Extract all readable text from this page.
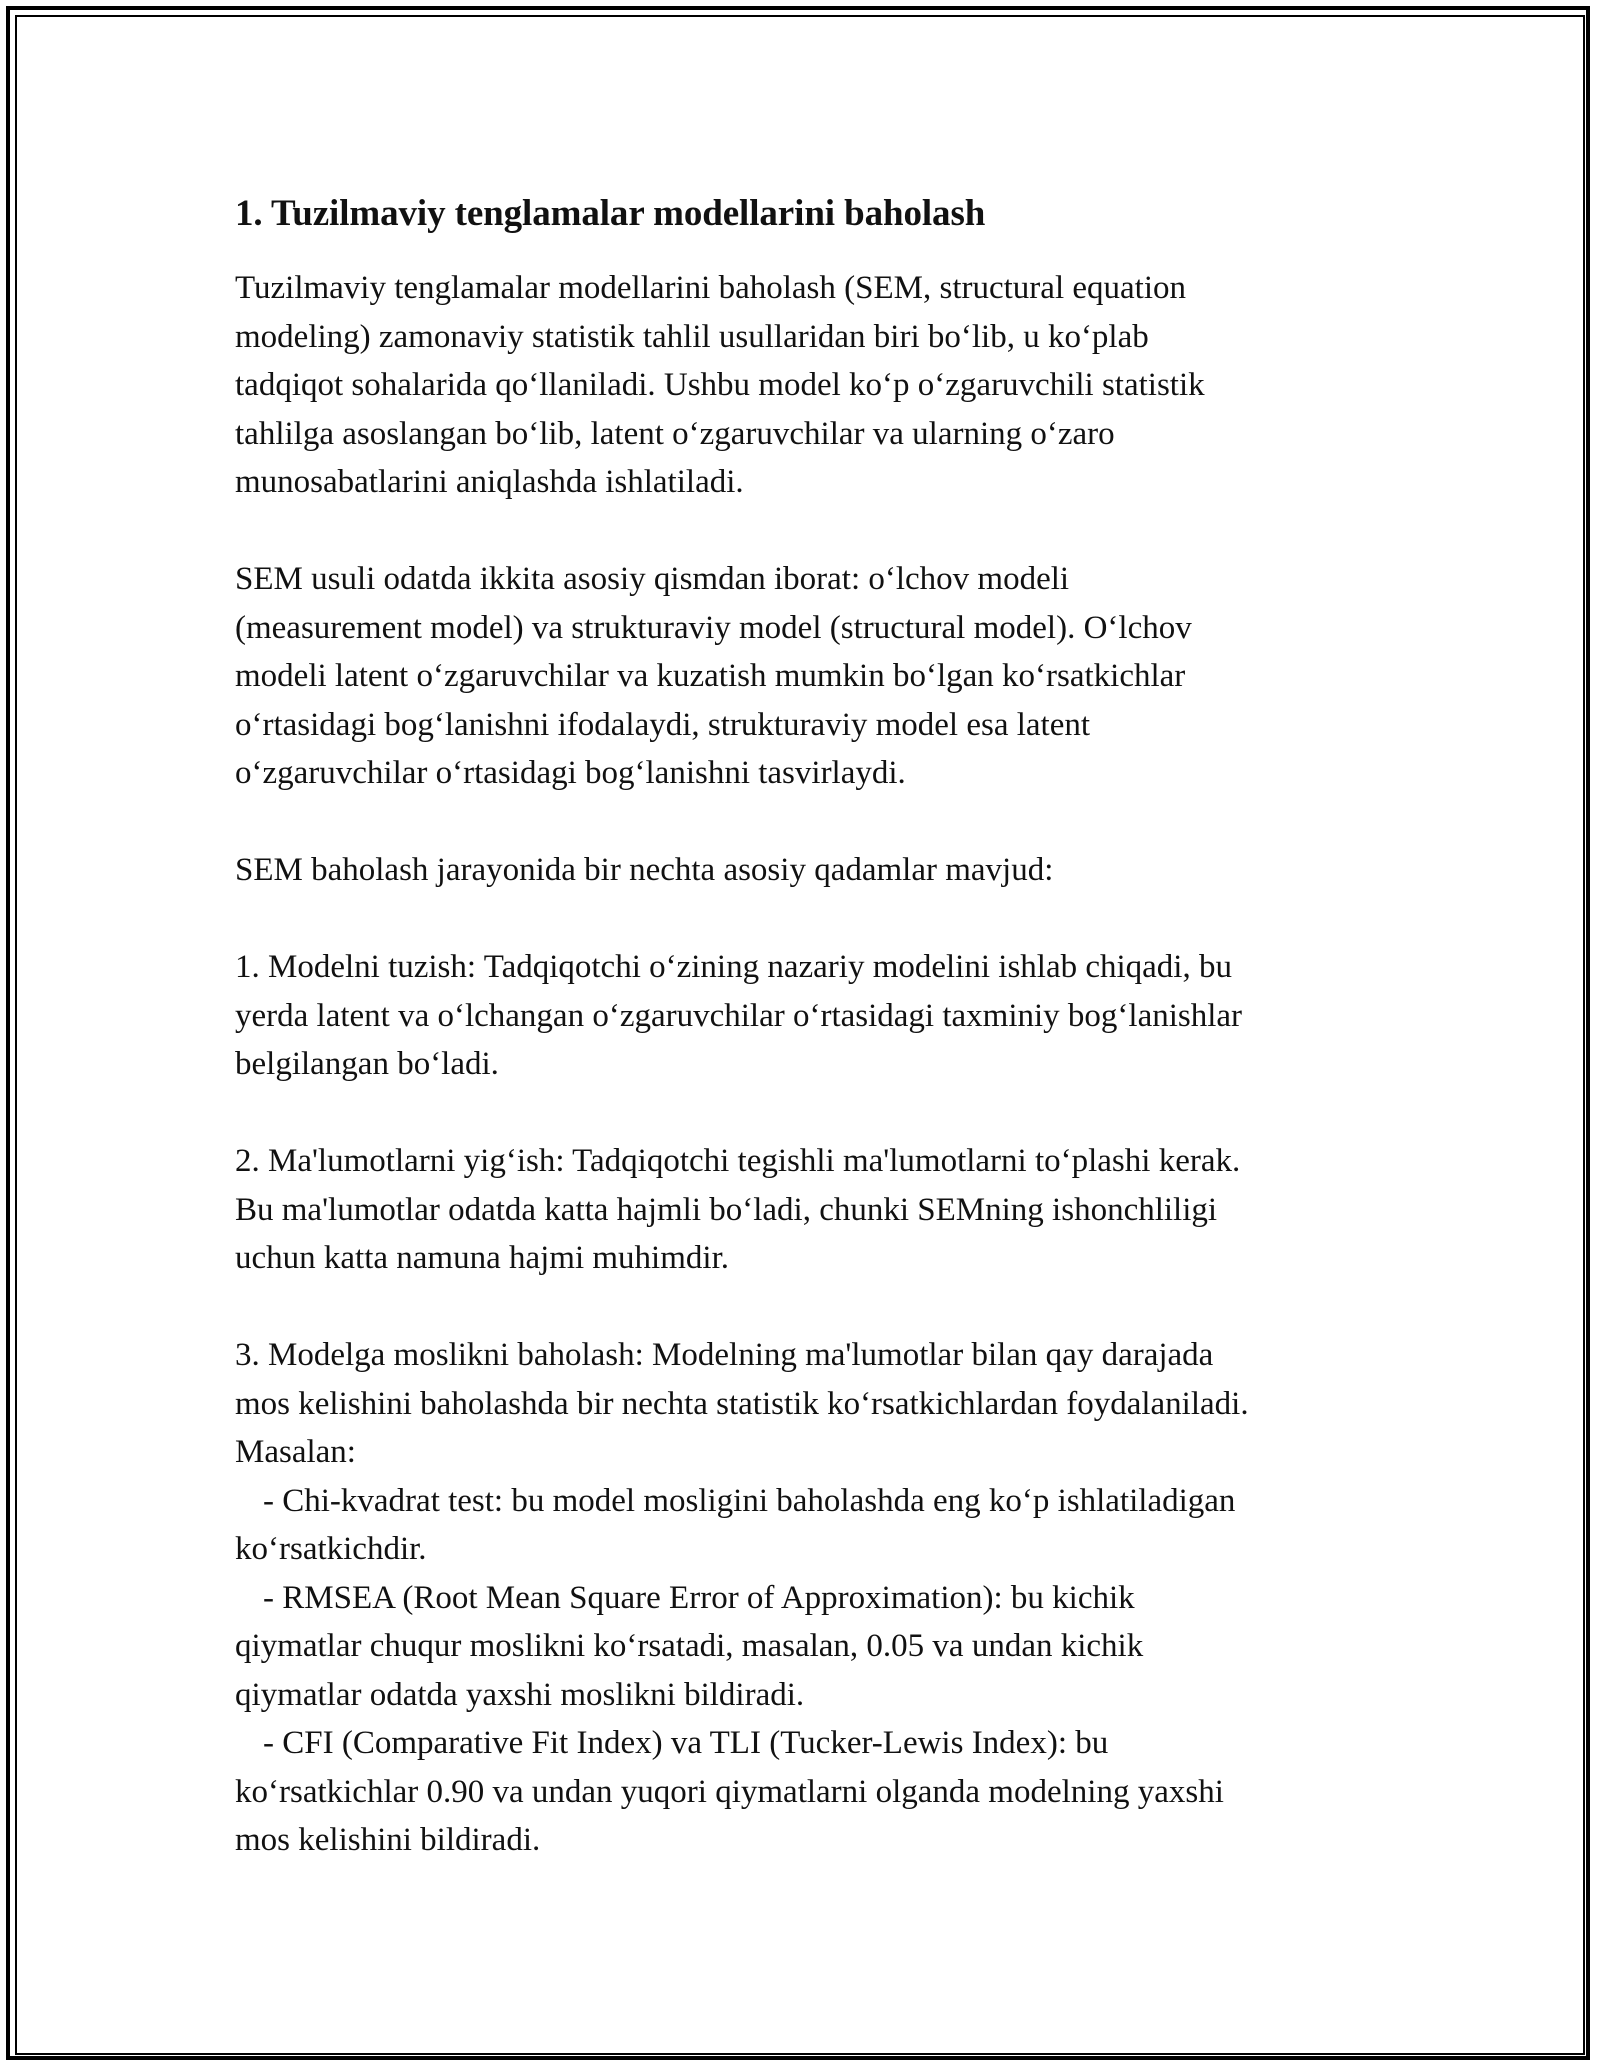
1. Tuzilmaviy tenglamalar modellarini baholash
Tuzilmaviy tenglamalar modellarini baholash (SEM, structural equation
modeling) zamonaviy statistik tahlil usullaridan biri bo‘lib, u ko‘plab
tadqiqot sohalarida qo‘llaniladi. Ushbu model ko‘p o‘zgaruvchili statistik
tahlilga asoslangan bo‘lib, latent o‘zgaruvchilar va ularning o‘zaro
munosabatlarini aniqlashda ishlatiladi.
SEM usuli odatda ikkita asosiy qismdan iborat: o‘lchov modeli
(measurement model) va strukturaviy model (structural model). O‘lchov
modeli latent o‘zgaruvchilar va kuzatish mumkin bo‘lgan ko‘rsatkichlar
o‘rtasidagi bog‘lanishni ifodalaydi, strukturaviy model esa latent
o‘zgaruvchilar o‘rtasidagi bog‘lanishni tasvirlaydi.
SEM baholash jarayonida bir nechta asosiy qadamlar mavjud:
1. Modelni tuzish: Tadqiqotchi o‘zining nazariy modelini ishlab chiqadi, bu
yerda latent va o‘lchangan o‘zgaruvchilar o‘rtasidagi taxminiy bog‘lanishlar
belgilangan bo‘ladi.
2. Ma'lumotlarni yig‘ish: Tadqiqotchi tegishli ma'lumotlarni to‘plashi kerak.
Bu ma'lumotlar odatda katta hajmli bo‘ladi, chunki SEMning ishonchliligi
uchun katta namuna hajmi muhimdir.
3. Modelga moslikni baholash: Modelning ma'lumotlar bilan qay darajada
mos kelishini baholashda bir nechta statistik ko‘rsatkichlardan foydalaniladi.
Masalan:
- Chi-kvadrat test: bu model mosligini baholashda eng ko‘p ishlatiladigan
ko‘rsatkichdir.
- RMSEA (Root Mean Square Error of Approximation): bu kichik
qiymatlar chuqur moslikni ko‘rsatadi, masalan, 0.05 va undan kichik
qiymatlar odatda yaxshi moslikni bildiradi.
- CFI (Comparative Fit Index) va TLI (Tucker-Lewis Index): bu
ko‘rsatkichlar 0.90 va undan yuqori qiymatlarni olganda modelning yaxshi
mos kelishini bildiradi.
